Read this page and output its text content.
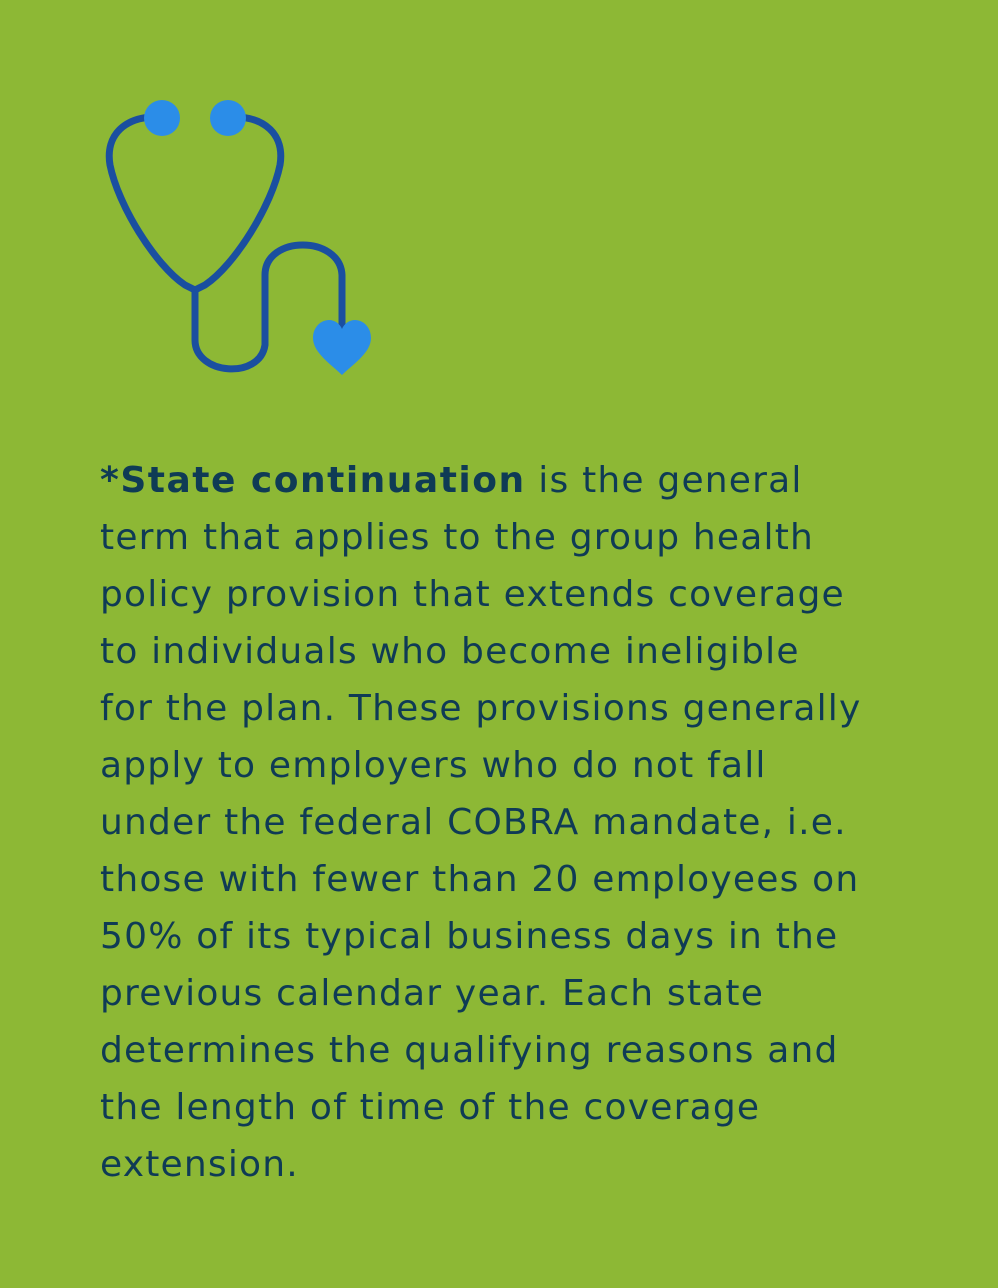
*State continuation is the general
term that applies to the group health
policy provision that extends coverage
to individuals who become ineligible
for the plan. These provisions generally
apply to employers who do not fall
under the federal COBRA mandate, i.e.
those with fewer than 20 employees on
50% of its typical business days in the
previous calendar year. Each state
determines the qualifying reasons and
the length of time of the coverage
extension.
